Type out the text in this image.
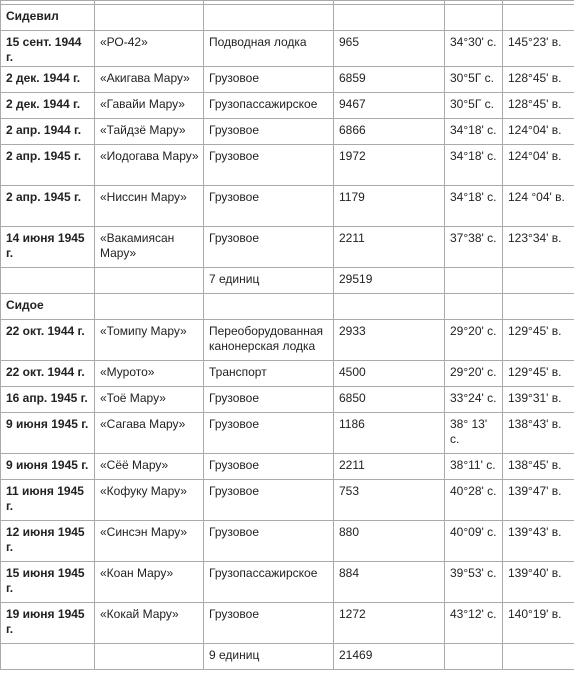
Сидевил					
15 сент. 1944 г.	«РО-42»	Подводная лодка	965	34°30' с.	145°23' в.
2 дек. 1944 г.	«Акигава Мару»	Грузовое	6859	30°5Г с.	128°45' в.
2 дек. 1944 г.	«Гавайи Мару»	Грузопассажирское	9467	30°5Г с.	128°45' в.
2 апр. 1944 г.	«Тайдзё Мару»	Грузовое	6866	34°18' с.	124°04' в.
2 апр. 1945 г.	«Иодогава Мару»	Грузовое	1972	34°18' с.	124°04' в.
2 апр. 1945 г.	«Ниссин Мару»	Грузовое	1179	34°18' с.	124 °04' в.
14 июня 1945 г.	«Вакамиясан Мару»	Грузовое	2211	37°38' с.	123°34' в.
		7 единиц	29519		
Сидое					
22 окт. 1944 г.	«Томипу Мару»	Переоборудованная канонерская лодка	2933	29°20' с.	129°45' в.
22 окт. 1944 г.	«Мурото»	Транспорт	4500	29°20' с.	129°45' в.
16 апр. 1945 г.	«Тоё Мару»	Грузовое	6850	33°24' с.	139°31' в.
9 июня 1945 г.	«Сагава Мару»	Грузовое	1186	38° 13' с.	138°43' в.
9 июня 1945 г.	«Сёё Мару»	Грузовое	2211	38°11' с.	138°45' в.
11 июня 1945 г.	«Кофуку Мару»	Грузовое	753	40°28' с.	139°47' в.
12 июня 1945 г.	«Синсэн Мару»	Грузовое	880	40°09' с.	139°43' в.
15 июня 1945 г.	«Коан Мару»	Грузопассажирское	884	39°53' с.	139°40' в.
19 июня 1945 г.	«Кокай Мару»	Грузовое	1272	43°12' с.	140°19' в.
		9 единиц	21469		
